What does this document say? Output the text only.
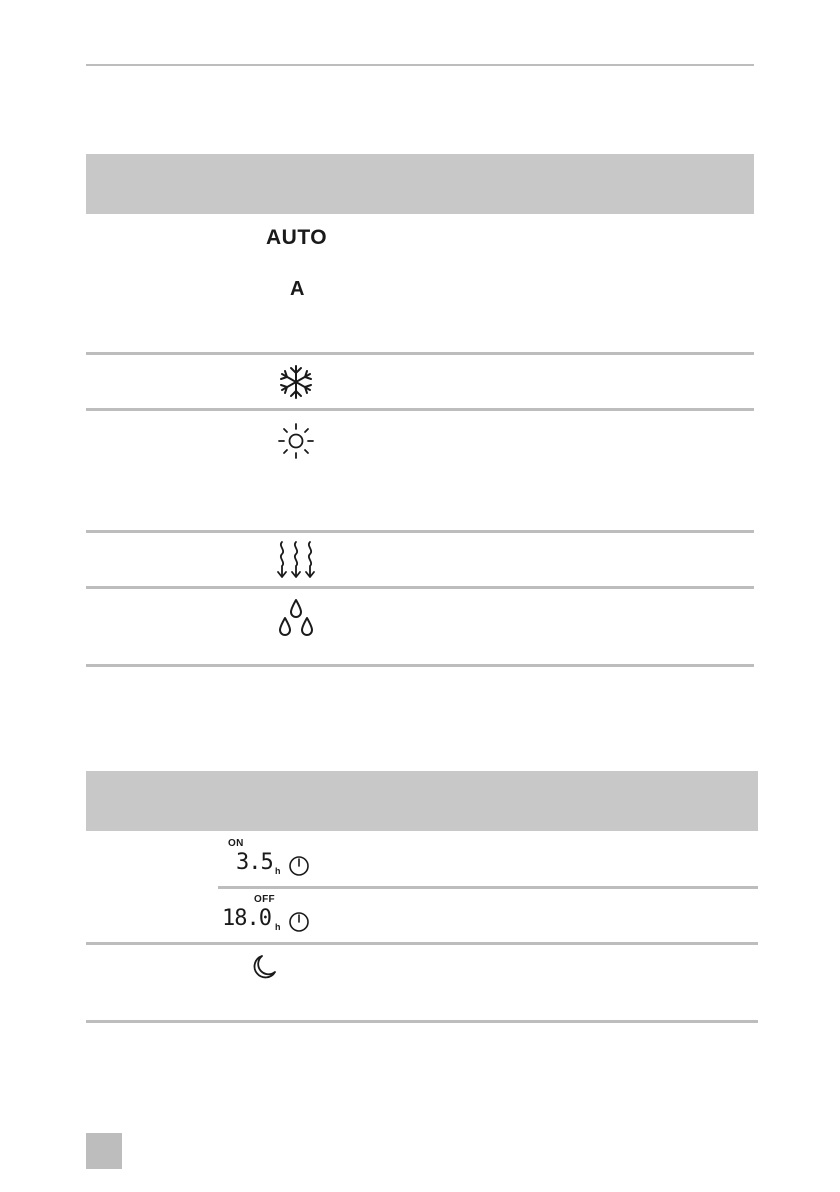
AUTO
A
ON
3.5 h
OFF
18.0 h
